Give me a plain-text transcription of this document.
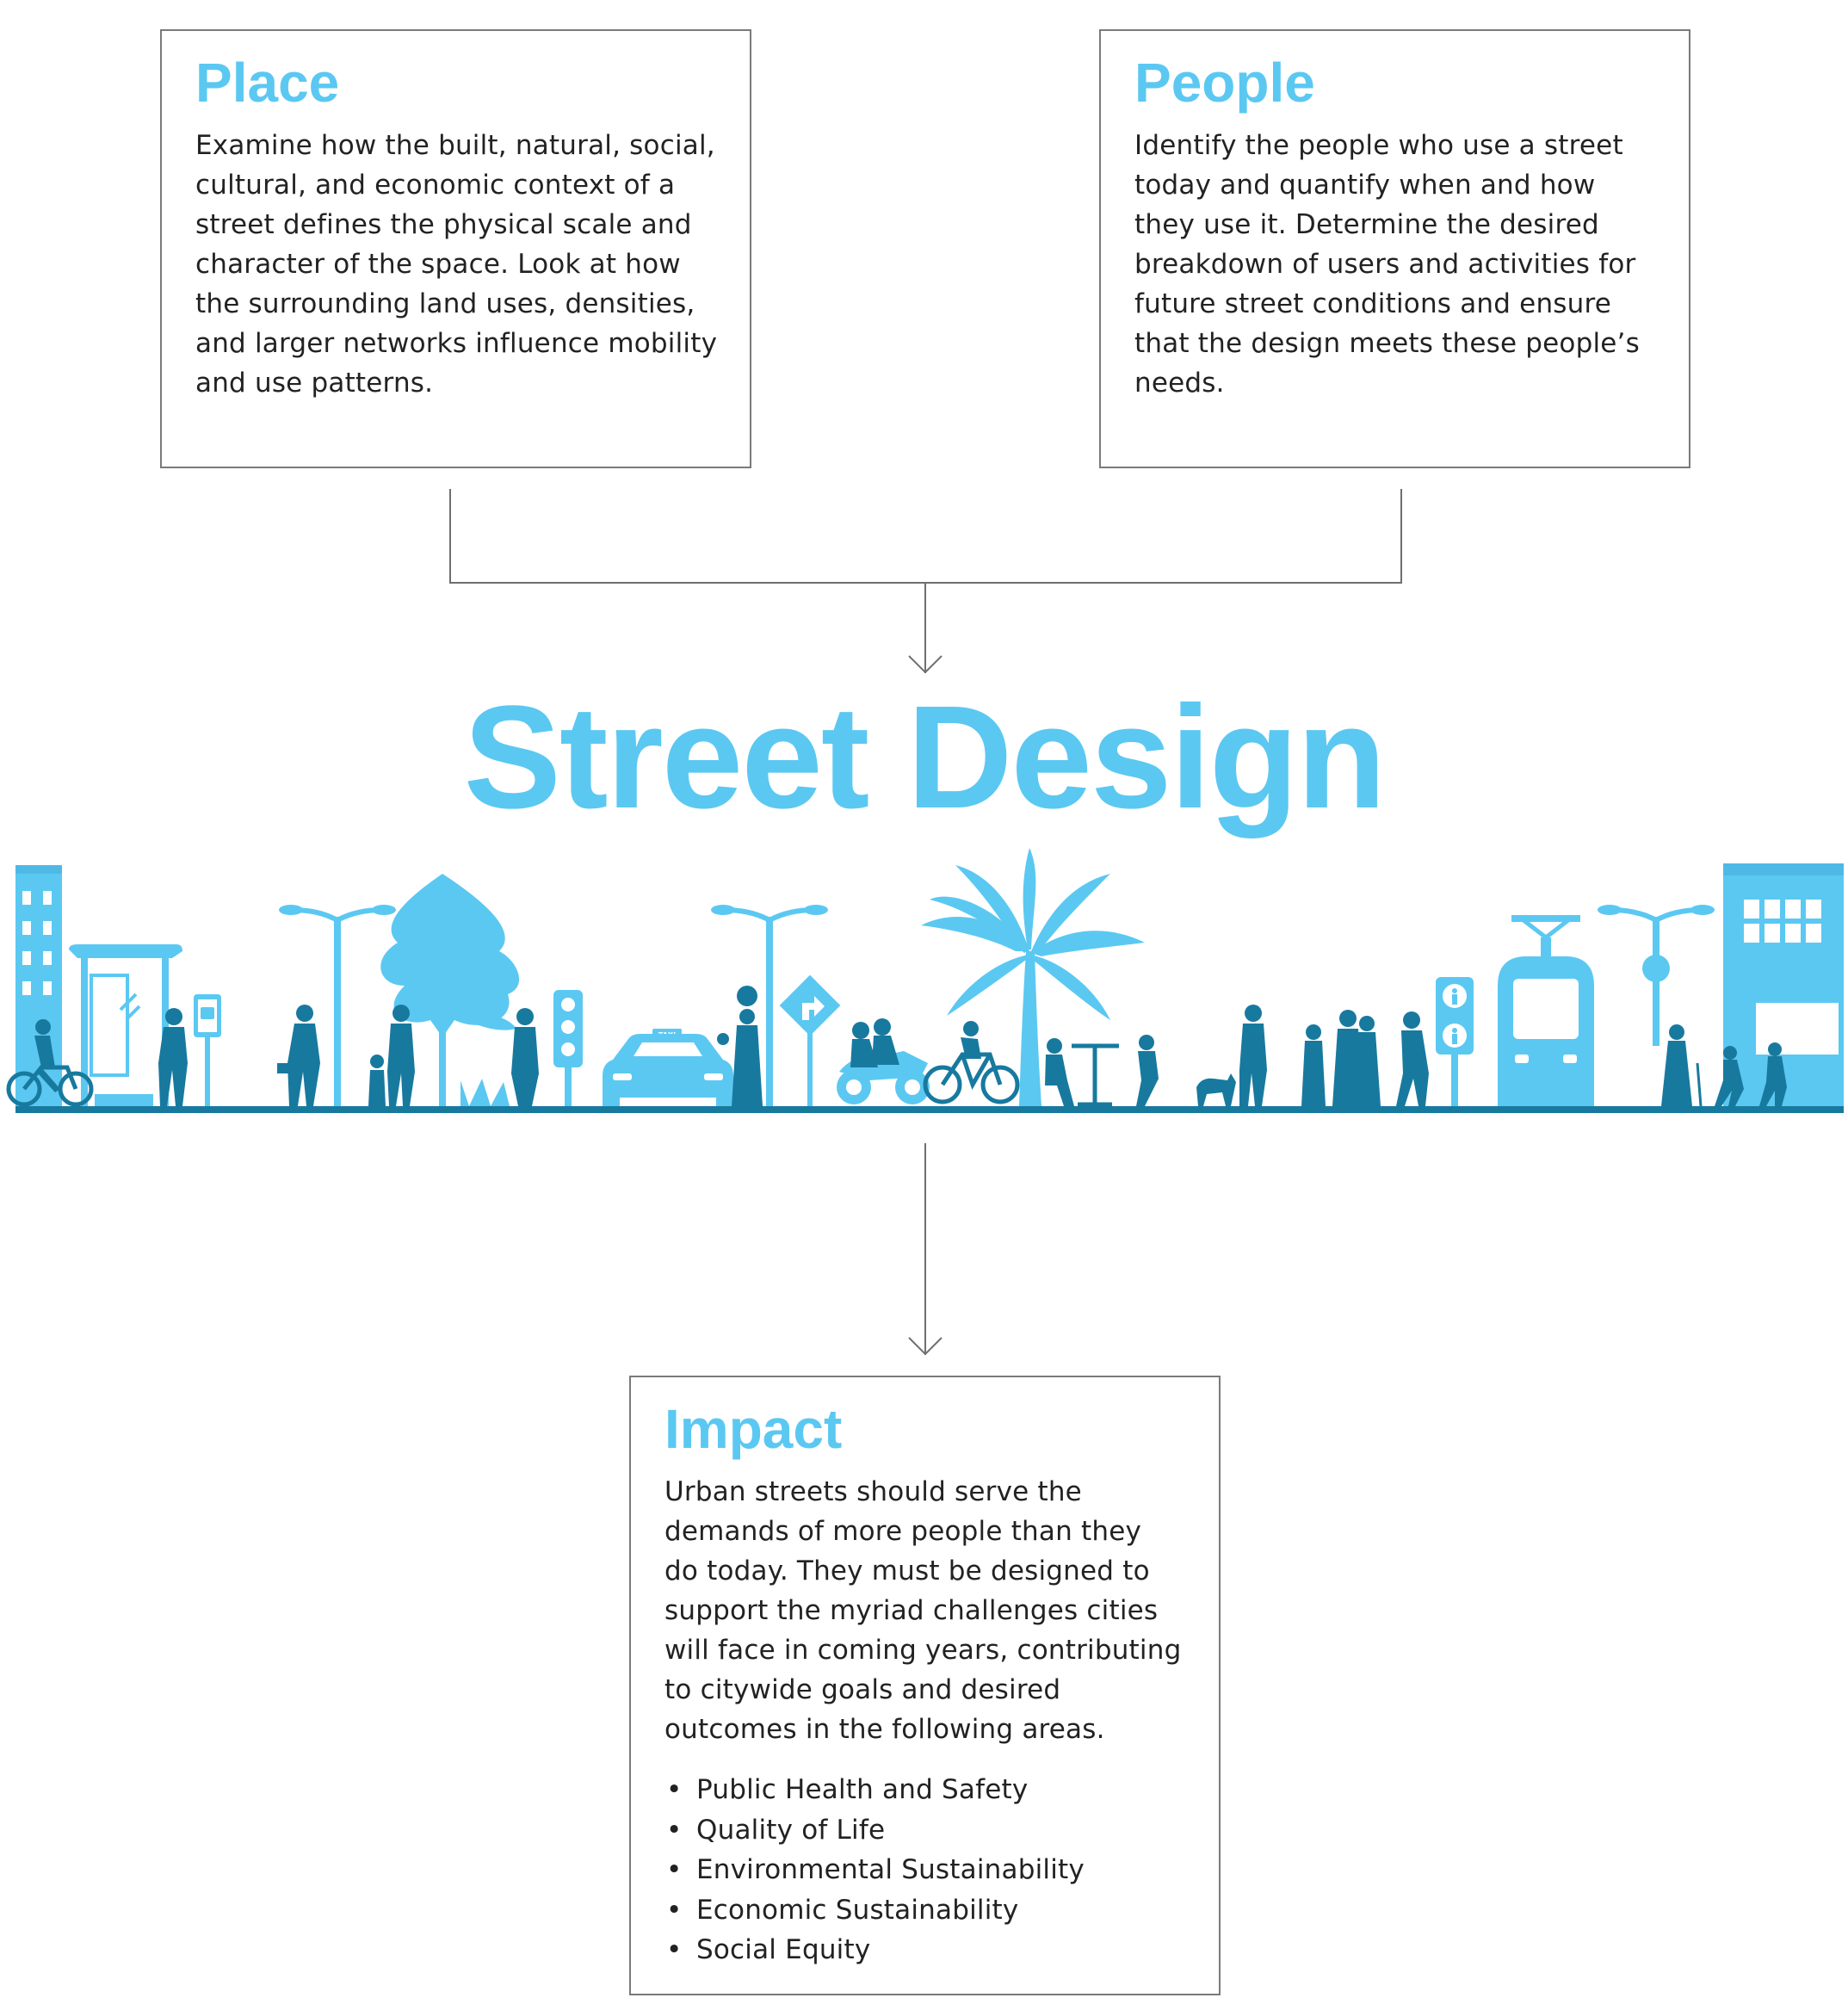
Place

Examine how the built, natural, social,
cultural, and economic context of a
street defines the physical scale and
character of the space. Look at how
the surrounding land uses, densities,
and larger networks influence mobility
and use patterns.

People

Identify the people who use a street
today and quantify when and how
they use it. Determine the desired
breakdown of users and activities for
future street conditions and ensure
that the design meets these people’s
needs.

Street Design
Impact

Urban streets should serve the
demands of more people than they
do today. They must be designed to
support the myriad challenges cities
will face in coming years, contributing
to citywide goals and desired
outcomes in the following areas.

• Public Health and Safety
• Quality of Life
• Environmental Sustainability
• Economic Sustainability
• Social Equity
